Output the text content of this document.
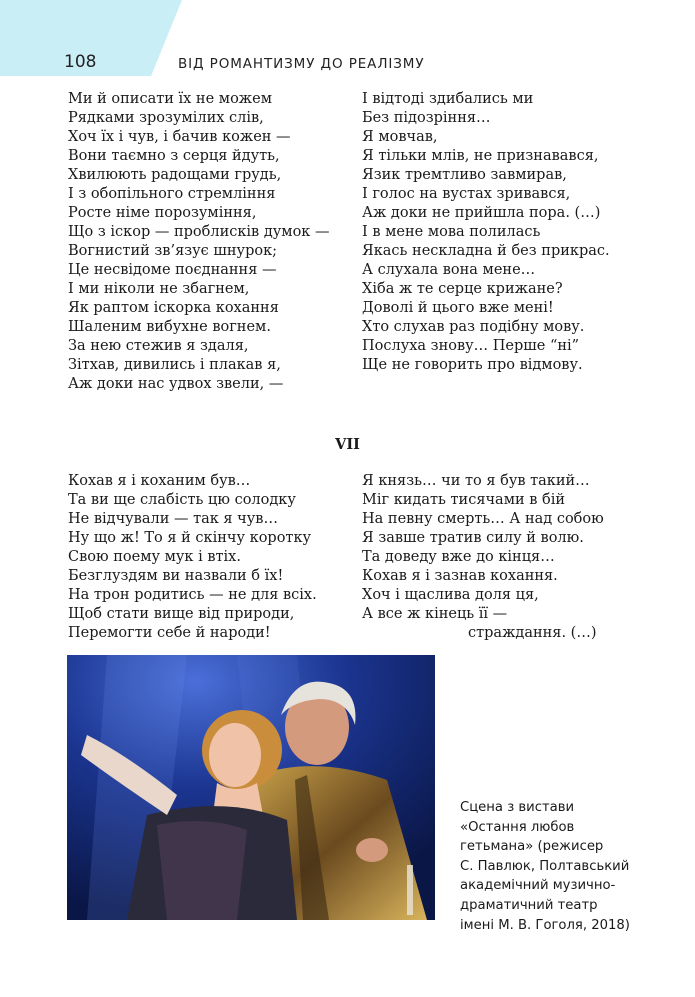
108	ВІД РОМАНТИЗМУ ДО РЕАЛІЗМУ
Ми й описати їх не можем
Рядками зрозумілих слів,
Хоч їх і чув, і бачив кожен —
Вони таємно з серця йдуть,
Хвилюють радощами грудь,
І з обопільного стремління
Росте німе порозуміння,
Що з іскор — проблисків думок —
Вогнистий зв’язує шнурок;
Це несвідоме поєднання —
І ми ніколи не збагнем,
Як раптом іскорка кохання
Шаленим вибухне вогнем.
За нею стежив я здаля,
Зітхав, дивились і плакав я,
Аж доки нас удвох звели, —
І відтоді здибались ми
Без підозріння…
Я мовчав,
Я тільки млів, не признавався,
Язик тремтливо завмирав,
І голос на вустах зривався,
Аж доки не прийшла пора. (…)
І в мене мова полилась
Якась нескладна й без прикрас.
А слухала вона мене…
Хіба ж те серце крижане?
Доволі й цього вже мені!
Хто слухав раз подібну мову.
Послуха знову… Перше “ні”
Ще не говорить про відмову.
VII
Кохав я і коханим був…
Та ви ще слабість цю солодку
Не відчували — так я чув…
Ну що ж! То я й скінчу коротку
Свою поему мук і втіх.
Безглуздям ви назвали б їх!
На трон родитись — не для всіх.
Щоб стати вище від природи,
Перемогти себе й народи!
Я князь… чи то я був такий…
Міг кидать тисячами в бій
На певну смерть… А над собою
Я завше тратив силу й волю.
Та доведу вже до кінця…
Кохав я і зазнав кохання.
Хоч і щаслива доля ця,
А все ж кінець її —
страждання. (…)

Сцена з вистави
«Остання любов
гетьмана» (режисер
С. Павлюк, Полтавський
академічний музично-
драматичний театр
імені М. В. Гоголя, 2018)
